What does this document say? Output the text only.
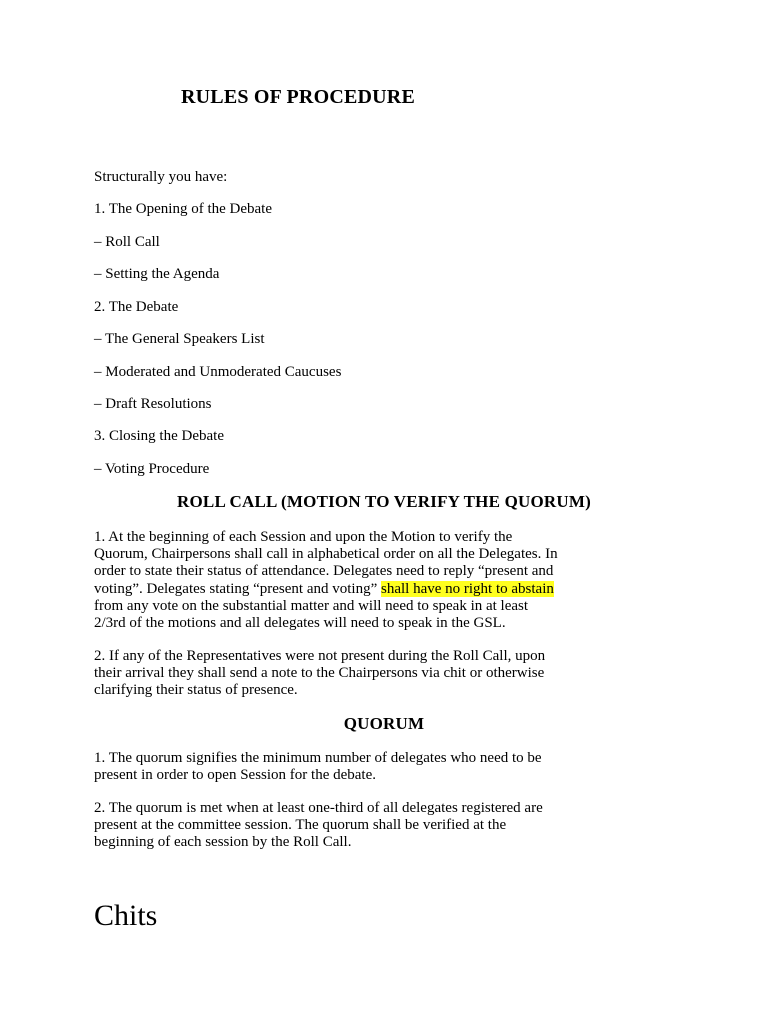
RULES OF PROCEDURE
Structurally you have:
1. The Opening of the Debate
– Roll Call
– Setting the Agenda
2. The Debate
– The General Speakers List
– Moderated and Unmoderated Caucuses
– Draft Resolutions
3. Closing the Debate
– Voting Procedure
ROLL CALL (MOTION TO VERIFY THE QUORUM)
1. At the beginning of each Session and upon the Motion to verify the
Quorum, Chairpersons shall call in alphabetical order on all the Delegates. In
order to state their status of attendance. Delegates need to reply “present and
voting”. Delegates stating “present and voting” shall have no right to abstain
from any vote on the substantial matter and will need to speak in at least
2/3rd of the motions and all delegates will need to speak in the GSL.
2. If any of the Representatives were not present during the Roll Call, upon
their arrival they shall send a note to the Chairpersons via chit or otherwise
clarifying their status of presence.
QUORUM
1. The quorum signifies the minimum number of delegates who need to be
present in order to open Session for the debate.
2. The quorum is met when at least one-third of all delegates registered are
present at the committee session. The quorum shall be verified at the
beginning of each session by the Roll Call.
Chits
